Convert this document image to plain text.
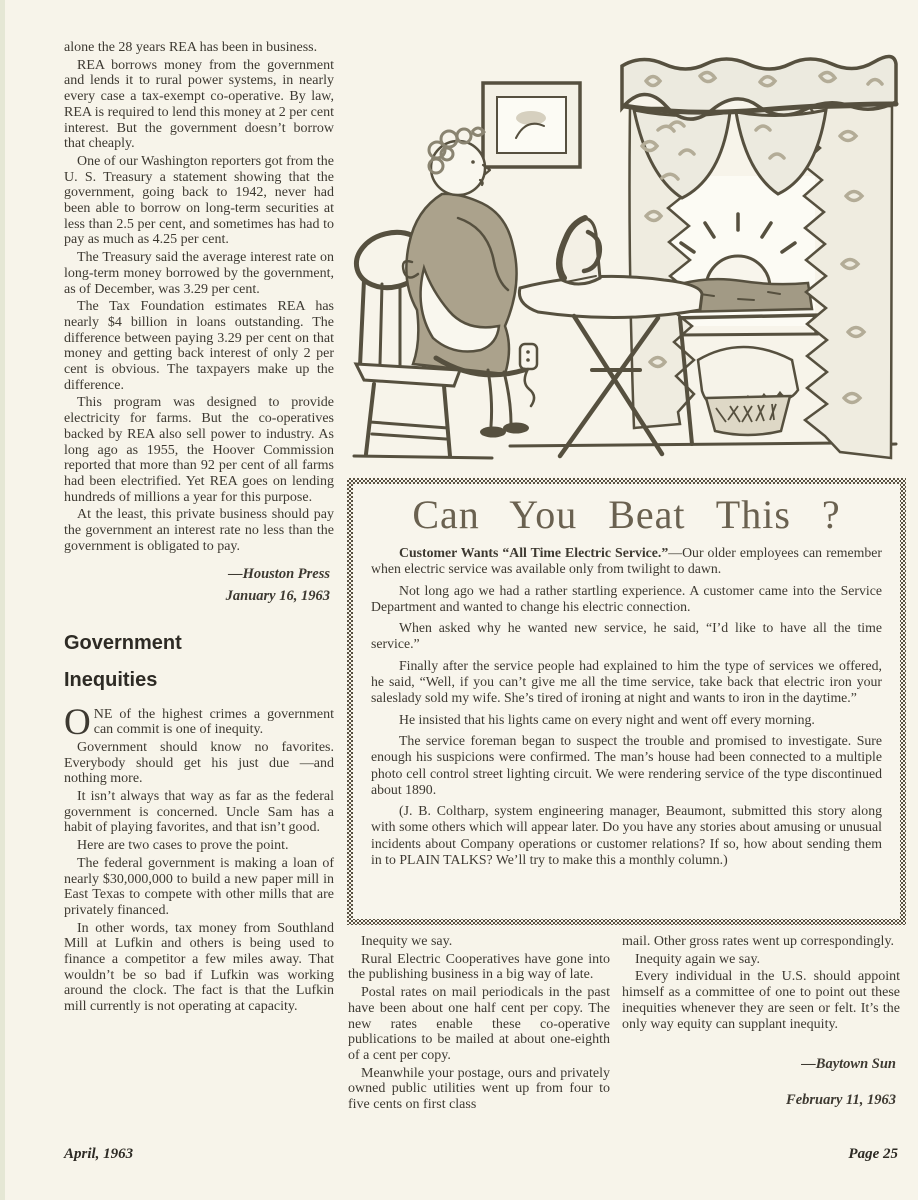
alone the 28 years REA has been in business.

REA borrows money from the government and lends it to rural power systems, in nearly every case a tax-exempt co-operative. By law, REA is required to lend this money at 2 per cent interest. But the government doesn’t borrow that cheaply.

One of our Washington reporters got from the U. S. Treasury a statement showing that the government, going back to 1942, never had been able to borrow on long-term securities at less than 2.5 per cent, and sometimes has had to pay as much as 4.25 per cent.

The Treasury said the average interest rate on long-term money borrowed by the government, as of December, was 3.29 per cent.

The Tax Foundation estimates REA has nearly $4 billion in loans outstanding. The difference between paying 3.29 per cent on that money and getting back interest of only 2 per cent is obvious. The taxpayers make up the difference.

This program was designed to provide electricity for farms. But the co-operatives backed by REA also sell power to industry. As long ago as 1955, the Hoover Commission reported that more than 92 per cent of all farms had been electrified. Yet REA goes on lending hundreds of millions a year for this purpose.

At the least, this private business should pay the government an interest rate no less than the government is obligated to pay.

—Houston Press
January 16, 1963
Government
Inequities

ONE of the highest crimes a government can commit is one of inequity.

Government should know no favorites. Everybody should get his just due —and nothing more.

It isn’t always that way as far as the federal government is concerned. Uncle Sam has a habit of playing favorites, and that isn’t good.

Here are two cases to prove the point.

The federal government is making a loan of nearly $30,000,000 to build a new paper mill in East Texas to compete with other mills that are privately financed.

In other words, tax money from Southland Mill at Lufkin and others is being used to finance a competitor a few miles away. That wouldn’t be so bad if Lufkin was working around the clock. The fact is that the Lufkin mill currently is not operating at capacity.

Can You Beat This ?

Customer Wants “All Time Electric Service.”—Our older employees can remember when electric service was available only from twilight to dawn.

Not long ago we had a rather startling experience. A customer came into the Service Department and wanted to change his electric connection.

When asked why he wanted new service, he said, “I’d like to have all the time service.”

Finally after the service people had explained to him the type of services we offered, he said, “Well, if you can’t give me all the time service, take back that electric iron your saleslady sold my wife. She’s tired of ironing at night and wants to iron in the daytime.”

He insisted that his lights came on every night and went off every morning.

The service foreman began to suspect the trouble and promised to investigate. Sure enough his suspicions were confirmed. The man’s house had been connected to a multiple photo cell control street lighting circuit. We were rendering service of the type discontinued about 1890.

(J. B. Coltharp, system engineering manager, Beaumont, submitted this story along with some others which will appear later. Do you have any stories about amusing or unusual incidents about Company operations or customer relations? If so, how about sending them in to PLAIN TALKS? We’ll try to make this a monthly column.)

Inequity we say.

Rural Electric Cooperatives have gone into the publishing business in a big way of late.

Postal rates on mail periodicals in the past have been about one half cent per copy. The new rates enable these co-operative publications to be mailed at about one-eighth of a cent per copy.

Meanwhile your postage, ours and privately owned public utilities went up from four to five cents on first class

mail. Other gross rates went up correspondingly.

Inequity again we say.

Every individual in the U.S. should appoint himself as a committee of one to point out these inequities whenever they are seen or felt. It’s the only way equity can supplant inequity.

—Baytown Sun
February 11, 1963
April, 1963	Page 25
